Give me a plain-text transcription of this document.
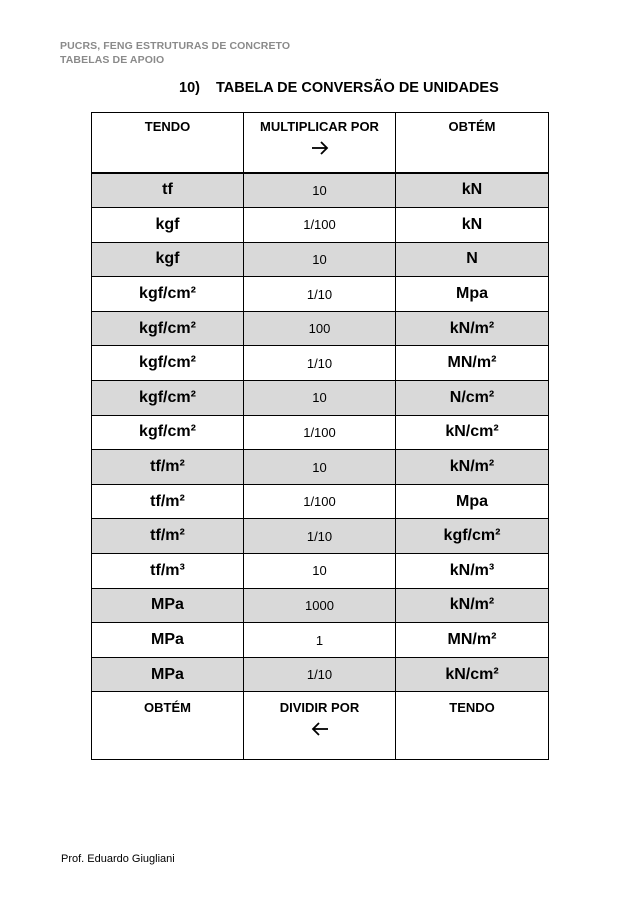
PUCRS, FENG ESTRUTURAS DE CONCRETO
TABELAS DE APOIO
10) TABELA DE CONVERSÃO DE UNIDADES
TENDO	MULTIPLICAR POR	OBTÉM
tf	10	kN
kgf	1/100	kN
kgf	10	N
kgf/cm²	1/10	Mpa
kgf/cm²	100	kN/m²
kgf/cm²	1/10	MN/m²
kgf/cm²	10	N/cm²
kgf/cm²	1/100	kN/cm²
tf/m²	10	kN/m²
tf/m²	1/100	Mpa
tf/m²	1/10	kgf/cm²
tf/m³	10	kN/m³
MPa	1000	kN/m²
MPa	1	MN/m²
MPa	1/10	kN/cm²
OBTÉM	DIVIDIR POR	TENDO
Prof. Eduardo Giugliani
